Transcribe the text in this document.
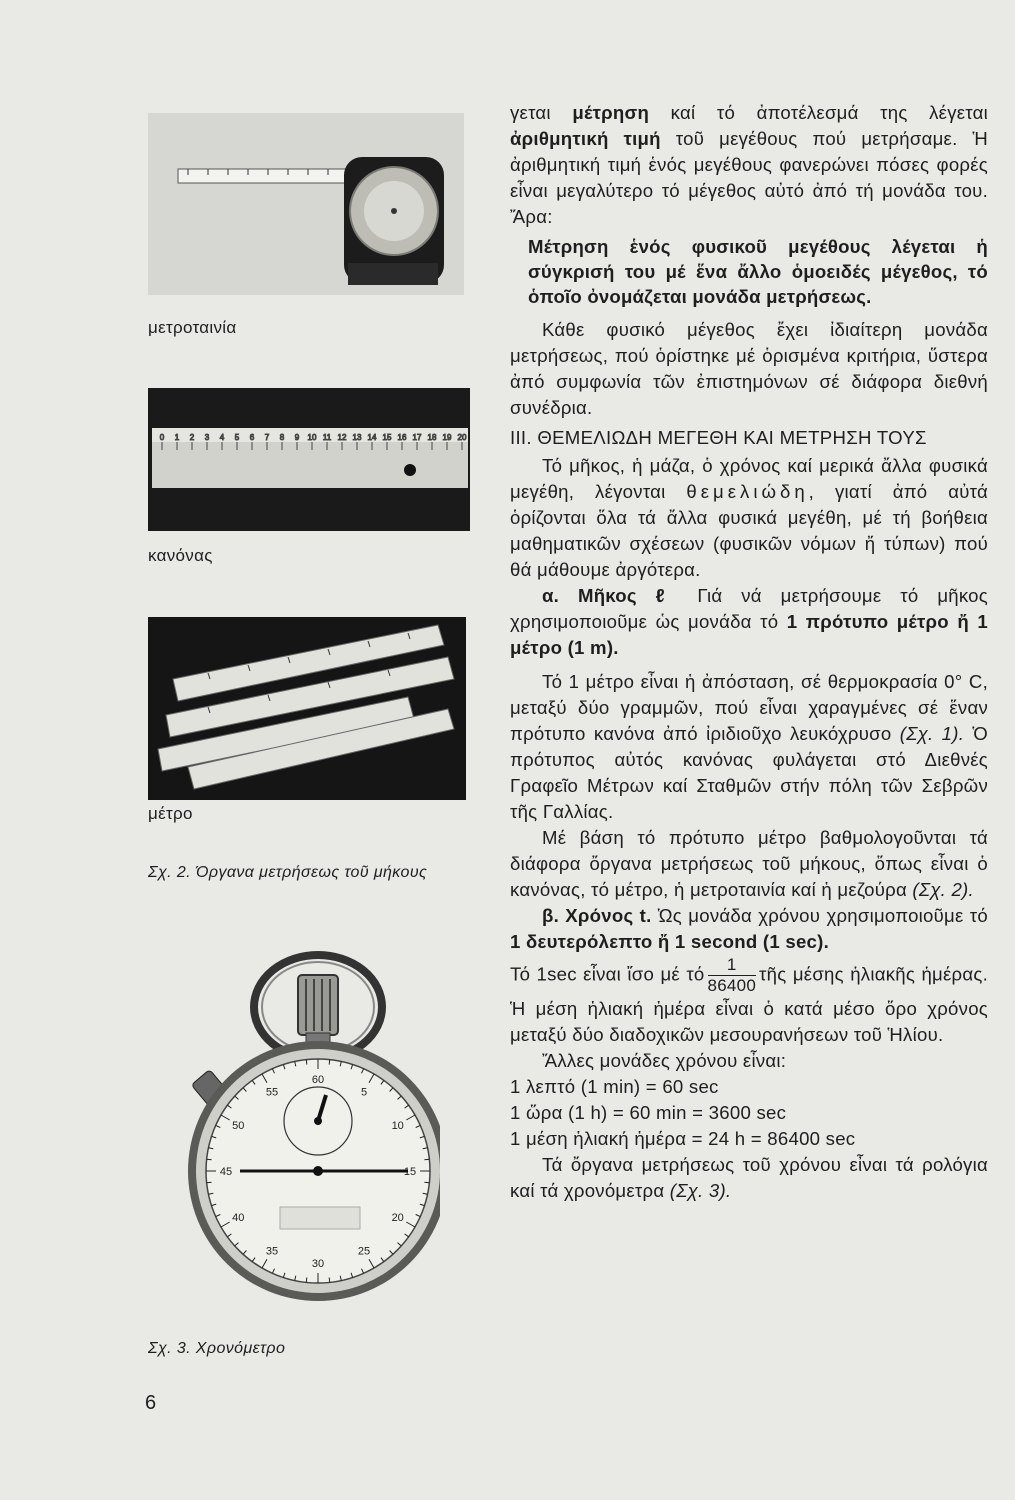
μετροταινία
0 1 2 3 4 5 6 7 8 9 10 11 12 13 14 15 16 17 18 19 20
κανόνας
μέτρο
Σχ. 2. Όργανα μετρήσεως τοῦ μήκους
60
5
10
15
20
25
30
35
40
45
50
55
Σχ. 3. Χρονόμετρο
6

γεται μέτρηση καί τό ἀποτέλεσμά της λέγεται ἀριθμητική τιμή τοῦ μεγέθους πού μετρήσαμε. Ἡ ἀριθμητική τιμή ἑνός μεγέθους φανερώνει πόσες φορές εἶναι μεγαλύτερο τό μέγεθος αὐτό ἀπό τή μονάδα του. Ἄρα:

Μέτρηση ἑνός φυσικοῦ μεγέθους λέγεται ἡ σύγκρισή του μέ ἕνα ἄλλο ὁμοειδές μέγεθος, τό ὁποῖο ὀνομάζεται μονάδα μετρήσεως.

Κάθε φυσικό μέγεθος ἔχει ἰδιαίτερη μονάδα μετρήσεως, πού ὁρίστηκε μέ ὁρισμένα κριτήρια, ὕστερα ἀπό συμφωνία τῶν ἐπιστημόνων σέ διάφορα διεθνή συνέδρια.

ΙΙΙ. ΘΕΜΕΛΙΩΔΗ ΜΕΓΕΘΗ ΚΑΙ ΜΕΤΡΗΣΗ ΤΟΥΣ

Τό μῆκος, ἡ μάζα, ὁ χρόνος καί μερικά ἄλλα φυσικά μεγέθη, λέγονται θεμελιώδη, γιατί ἀπό αὐτά ὁρίζονται ὅλα τά ἄλλα φυσικά μεγέθη, μέ τή βοήθεια μαθηματικῶν σχέσεων (φυσικῶν νόμων ἤ τύπων) πού θά μάθουμε ἀργότερα.

α. Μῆκος ℓ Γιά νά μετρήσουμε τό μῆκος χρησιμοποιοῦμε ὡς μονάδα τό 1 πρότυπο μέτρο ἤ 1 μέτρο (1 m).

Τό 1 μέτρο εἶναι ἡ ἀπόσταση, σέ θερμοκρασία 0° C, μεταξύ δύο γραμμῶν, πού εἶναι χαραγμένες σέ ἕναν πρότυπο κανόνα ἀπό ἰριδιοῦχο λευκόχρυσο (Σχ. 1). Ὁ πρότυπος αὐτός κανόνας φυλάγεται στό Διεθνές Γραφεῖο Μέτρων καί Σταθμῶν στήν πόλη τῶν Σεβρῶν τῆς Γαλλίας.

Μέ βάση τό πρότυπο μέτρο βαθμολογοῦνται τά διάφορα ὄργανα μετρήσεως τοῦ μήκους, ὅπως εἶναι ὁ κανόνας, τό μέτρο, ἡ μετροταινία καί ἡ μεζούρα (Σχ. 2).

β. Χρόνος t. Ὡς μονάδα χρόνου χρησιμοποιοῦμε τό 1 δευτερόλεπτο ἤ 1 second (1 sec).

Τό 1sec εἶναι ἴσο μέ τό $\frac{1}{86400}$ τῆς μέσης ἡλιακῆς ἡμέρας. Ἡ μέση ἡλιακή ἡμέρα εἶναι ὁ κατά μέσο ὅρο χρόνος μεταξύ δύο διαδοχικῶν μεσουρανήσεων τοῦ Ἡλίου.

Ἄλλες μονάδες χρόνου εἶναι:

1 λεπτό (1 min) = 60 sec

1 ὥρα (1 h) = 60 min = 3600 sec

1 μέση ἡλιακή ἡμέρα = 24 h = 86400 sec

Τά ὄργανα μετρήσεως τοῦ χρόνου εἶναι τά ρολόγια καί τά χρονόμετρα (Σχ. 3).
